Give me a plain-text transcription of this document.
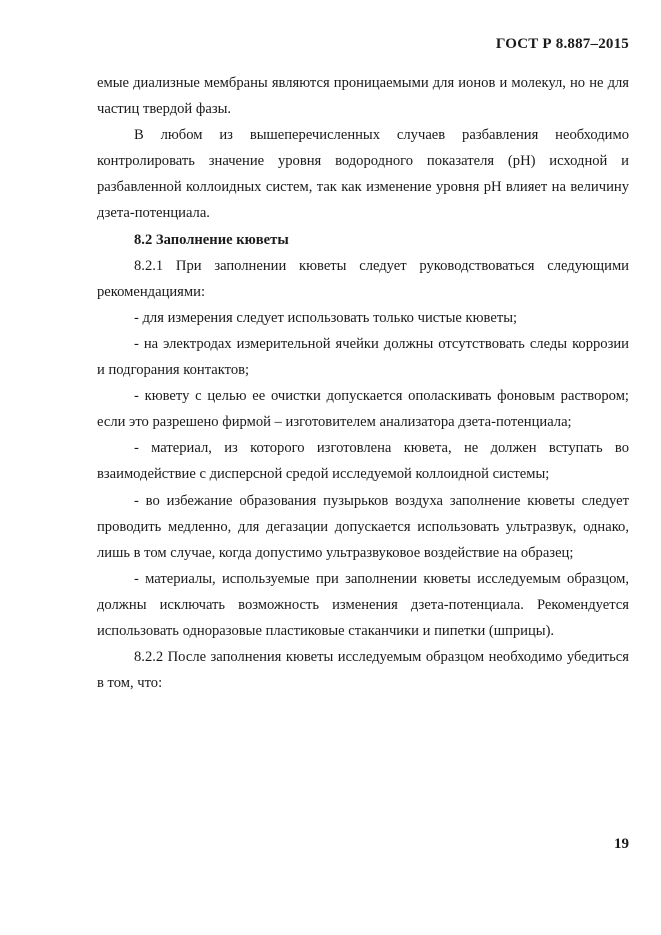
ГОСТ Р 8.887–2015

емые диализные мембраны являются проницаемыми для ионов и молекул, но не для частиц твердой фазы.

В любом из вышеперечисленных случаев разбавления необходимо контролировать значение уровня водородного показателя (рН) исходной и разбавленной коллоидных систем, так как изменение уровня рН влияет на величину дзета-потенциала.

8.2 Заполнение кюветы

8.2.1 При заполнении кюветы следует руководствоваться следующими рекомендациями:

- для измерения следует использовать только чистые кюветы;

- на электродах измерительной ячейки должны отсутствовать следы коррозии и подгорания контактов;

- кювету с целью ее очистки допускается ополаскивать фоновым раствором; если это разрешено фирмой – изготовителем анализатора дзета-потенциала;

- материал, из которого изготовлена кювета, не должен вступать во взаимодействие с дисперсной средой исследуемой коллоидной системы;

- во избежание образования пузырьков воздуха заполнение кюветы следует проводить медленно, для дегазации допускается использовать ультразвук, однако, лишь в том случае, когда допустимо ультразвуковое воздействие на образец;

- материалы, используемые при заполнении кюветы исследуемым образцом, должны исключать возможность изменения дзета-потенциала. Рекомендуется использовать одноразовые пластиковые стаканчики и пипетки (шприцы).

8.2.2 После заполнения кюветы исследуемым образцом необходимо убедиться в том, что:

19
